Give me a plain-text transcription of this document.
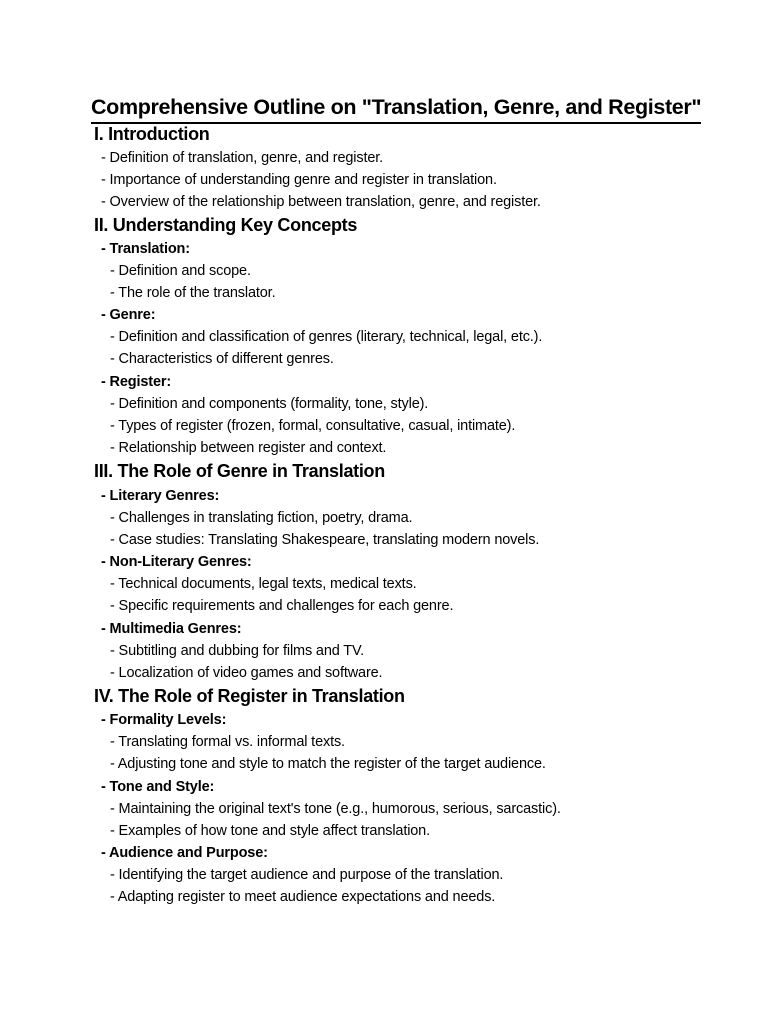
Comprehensive Outline on "Translation, Genre, and Register"
I. Introduction
- Definition of translation, genre, and register.
- Importance of understanding genre and register in translation.
- Overview of the relationship between translation, genre, and register.
II. Understanding Key Concepts
- Translation:
- Definition and scope.
- The role of the translator.
- Genre:
- Definition and classification of genres (literary, technical, legal, etc.).
- Characteristics of different genres.
- Register:
- Definition and components (formality, tone, style).
- Types of register (frozen, formal, consultative, casual, intimate).
- Relationship between register and context.
III. The Role of Genre in Translation
- Literary Genres:
- Challenges in translating fiction, poetry, drama.
- Case studies: Translating Shakespeare, translating modern novels.
- Non-Literary Genres:
- Technical documents, legal texts, medical texts.
- Specific requirements and challenges for each genre.
- Multimedia Genres:
- Subtitling and dubbing for films and TV.
- Localization of video games and software.
IV. The Role of Register in Translation
- Formality Levels:
- Translating formal vs. informal texts.
- Adjusting tone and style to match the register of the target audience.
- Tone and Style:
- Maintaining the original text's tone (e.g., humorous, serious, sarcastic).
- Examples of how tone and style affect translation.
- Audience and Purpose:
- Identifying the target audience and purpose of the translation.
- Adapting register to meet audience expectations and needs.
